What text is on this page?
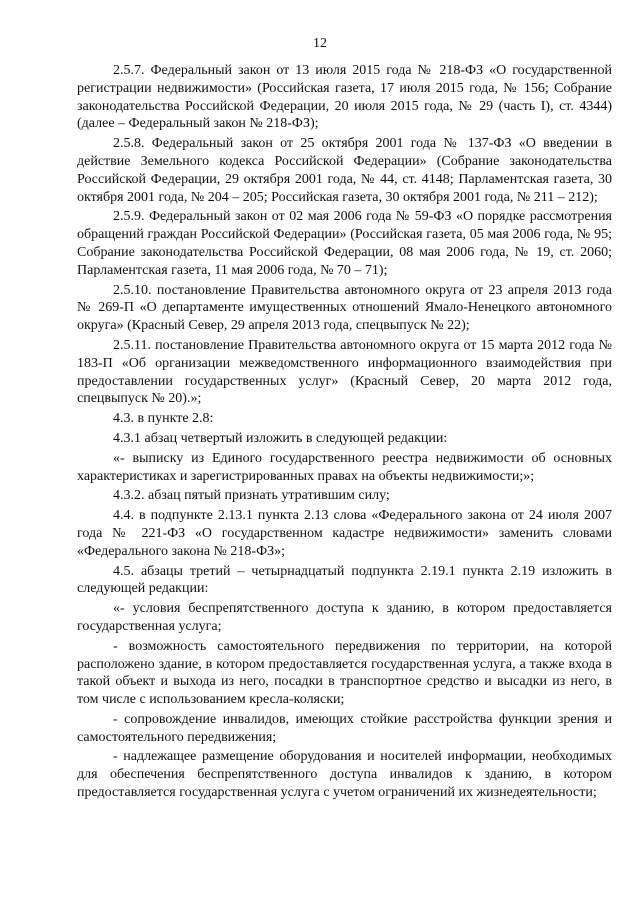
12

2.5.7. Федеральный закон от 13 июля 2015 года № 218-ФЗ «О государственной регистрации недвижимости» (Российская газета, 17 июля 2015 года, № 156; Собрание законодательства Российской Федерации, 20 июля 2015 года, № 29 (часть I), ст. 4344) (далее – Федеральный закон № 218-ФЗ);

2.5.8. Федеральный закон от 25 октября 2001 года № 137-ФЗ «О введении в действие Земельного кодекса Российской Федерации» (Собрание законодательства Российской Федерации, 29 октября 2001 года, № 44, ст. 4148; Парламентская газета, 30 октября 2001 года, № 204 – 205; Российская газета, 30 октября 2001 года, № 211 – 212);

2.5.9. Федеральный закон от 02 мая 2006 года № 59-ФЗ «О порядке рассмотрения обращений граждан Российской Федерации» (Российская газета, 05 мая 2006 года, № 95; Собрание законодательства Российской Федерации, 08 мая 2006 года, № 19, ст. 2060; Парламентская газета, 11 мая 2006 года, № 70 – 71);

2.5.10. постановление Правительства автономного округа от 23 апреля 2013 года № 269-П «О департаменте имущественных отношений Ямало-Ненецкого автономного округа» (Красный Север, 29 апреля 2013 года, спецвыпуск № 22);

2.5.11. постановление Правительства автономного округа от 15 марта 2012 года № 183-П «Об организации межведомственного информационного взаимодействия при предоставлении государственных услуг» (Красный Север, 20 марта 2012 года, спецвыпуск № 20).»;

4.3. в пункте 2.8:

4.3.1 абзац четвертый изложить в следующей редакции:

«- выписку из Единого государственного реестра недвижимости об основных характеристиках и зарегистрированных правах на объекты недвижимости;»;

4.3.2. абзац пятый признать утратившим силу;

4.4. в подпункте 2.13.1 пункта 2.13 слова «Федерального закона от 24 июля 2007 года № 221-ФЗ «О государственном кадастре недвижимости» заменить словами «Федерального закона № 218-ФЗ»;

4.5. абзацы третий – четырнадцатый подпункта 2.19.1 пункта 2.19 изложить в следующей редакции:

«- условия беспрепятственного доступа к зданию, в котором предоставляется государственная услуга;

- возможность самостоятельного передвижения по территории, на которой расположено здание, в котором предоставляется государственная услуга, а также входа в такой объект и выхода из него, посадки в транспортное средство и высадки из него, в том числе с использованием кресла-коляски;

- сопровождение инвалидов, имеющих стойкие расстройства функции зрения и самостоятельного передвижения;

- надлежащее размещение оборудования и носителей информации, необходимых для обеспечения беспрепятственного доступа инвалидов к зданию, в котором предоставляется государственная услуга с учетом ограничений их жизнедеятельности;
